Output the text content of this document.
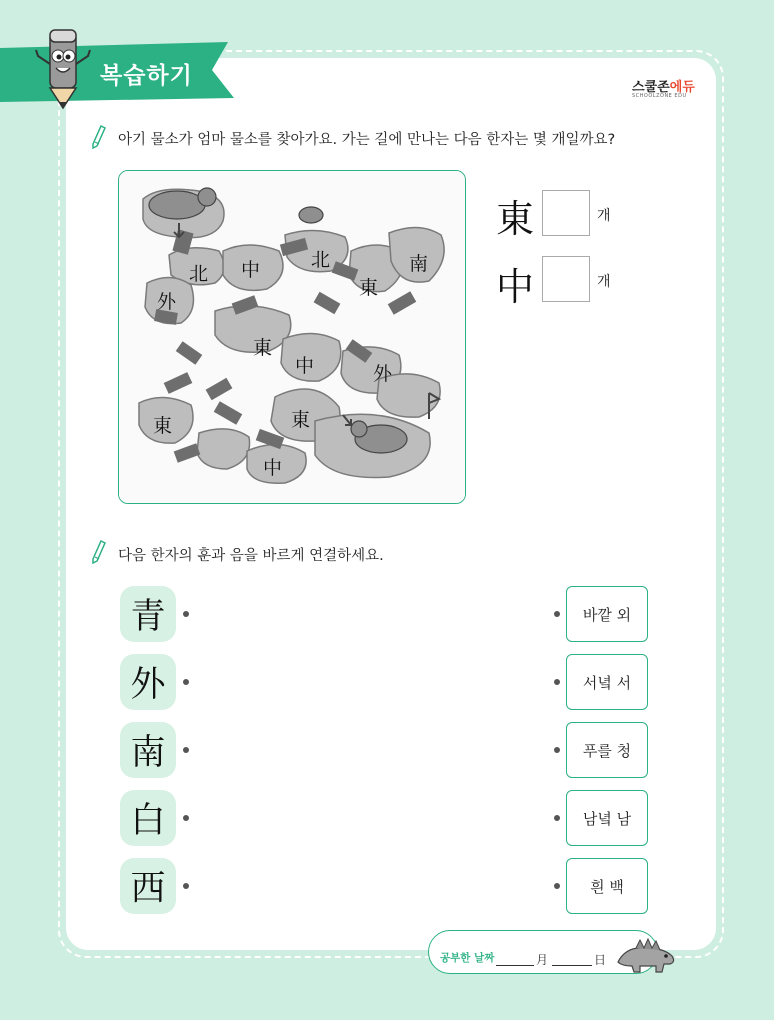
복습하기	스쿨존에듀
SCHOOLZONE EDU
아기 물소가 엄마 물소를 찾아가요. 가는 길에 만나는 다음 한자는 몇 개일까요?
北 中	北	南
外
東
東
中	外
東	東
中
東	개
中	개
다음 한자의 훈과 음을 바르게 연결하세요.
青
外
南
白
西
바깥 외
서녘 서
푸를 청
남녘 남
흰 백
공부한 날짜	月	日
